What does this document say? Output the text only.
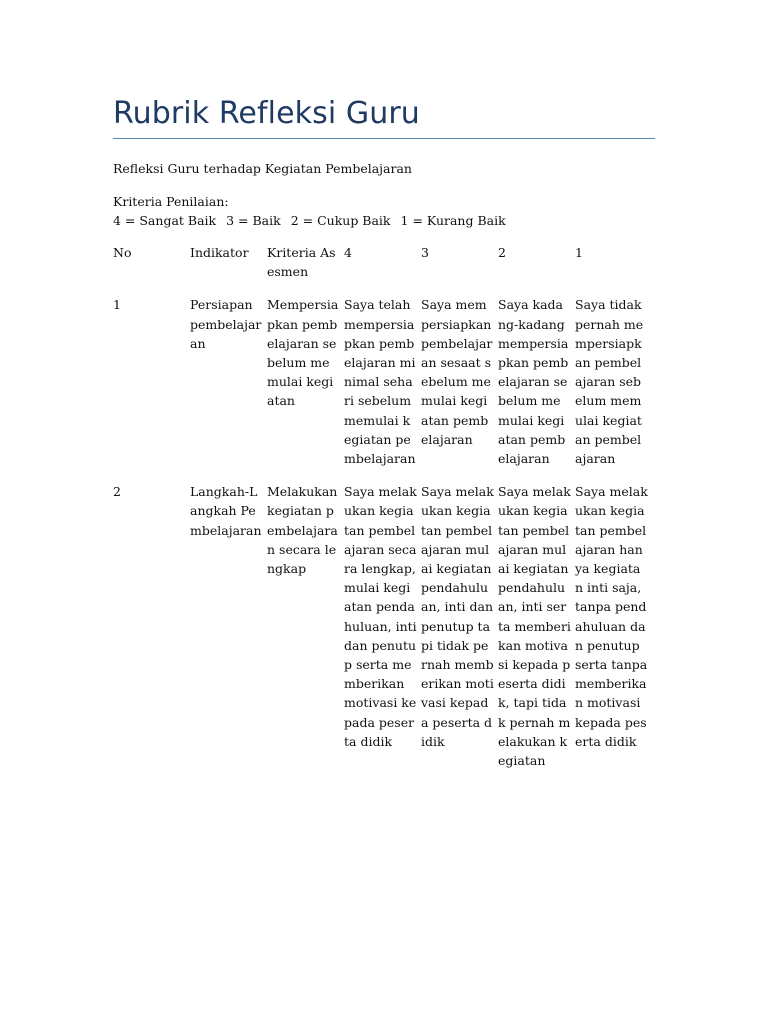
Rubrik Refleksi Guru
Refleksi Guru terhadap Kegiatan Pembelajaran
Kriteria Penilaian:
4 = Sangat Baik 3 = Baik 2 = Cukup Baik 1 = Kurang Baik
No	Indikator	Kriteria Asesmen	4	3	2	1
1	Persiapan pembelajaran	Mempersiapkan pembelajaran sebelum memulai kegiatan	Saya telah mempersiapkan pembelajaran minimal sehari sebelum memulai kegiatan pembelajaran	Saya mempersiapkan pembelajaran sesaat sebelum memulai kegiatan pembelajaran	Saya kadang-kadang mempersiapkan pembelajaran sebelum memulai kegiatan pembelajaran	Saya tidak pernah mempersiapkan pembelajaran sebelum memulai kegiatan pembelajaran
2	Langkah-Langkah Pembelajaran	Melakukan kegiatan pembelajaran secara lengkap	Saya melakukan kegiatan pembelajaran secara lengkap, mulai kegiatan pendahuluan, inti dan penutup serta memberikan motivasi kepada peserta didik	Saya melakukan kegiatan pembelajaran mulai kegiatan pendahuluan, inti dan penutup tapi tidak pernah memberikan motivasi kepada peserta didik	Saya melakukan kegiatan pembelajaran mulai kegiatan pendahuluan, inti serta memberikan motivasi kepada peserta didik, tapi tidak pernah melakukan kegiatan	Saya melakukan kegiatan pembelajaran hanya kegiatan inti saja, tanpa pendahuluan dan penutup serta tanpa memberikan motivasi kepada peserta didik
